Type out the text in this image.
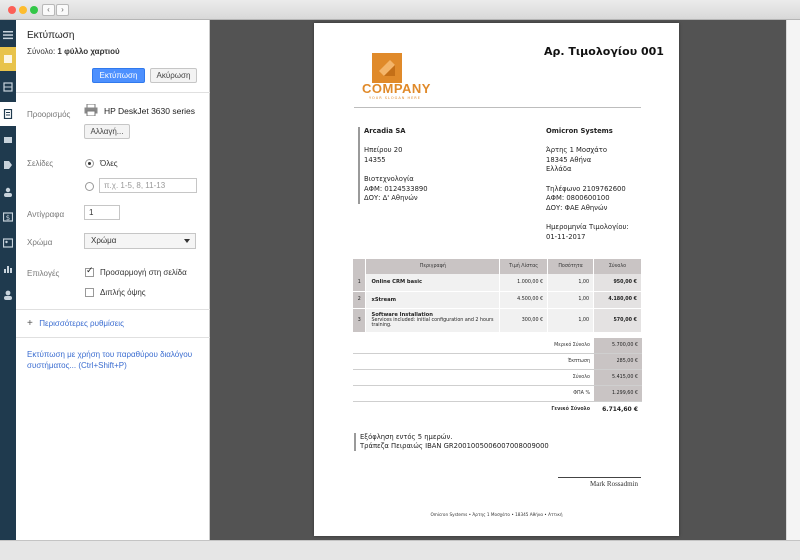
‹	›
$
Εκτύπωση
Σύνολο: 1 φύλλο χαρτιού
Εκτύπωση	Ακύρωση
Προορισμός	HP DeskJet 3630 series
Αλλαγή...
Σελίδες	Όλες
π.χ. 1-5, 8, 11-13
Αντίγραφα	1
Χρώμα	Χρώμα
Επιλογές ✓	Προσαρμογή στη σελίδα
Διπλής όψης
+ Περισσότερες ρυθμίσεις
Εκτύπωση με χρήση του παραθύρου διαλόγου συστήματος... (Ctrl+Shift+P)
Αρ. Τιμολογίου 001
COMPANY
YOUR SLOGAN HERE
Arcadia SA
Ηπείρου 20
14355
Βιοτεχνολογία
ΑΦΜ: 0124533890
ΔΟΥ: Δ' Αθηνών
Omicron Systems
Άρτης 1 Μοσχάτο
18345 Αθήνα
Ελλάδα
Τηλέφωνο 2109762600
ΑΦΜ: 0800600100
ΔΟΥ: ΦΑΕ Αθηνών
Ημερομηνία Τιμολογίου:
01-11-2017
	Περιγραφή	Τιμή Λίστας	Ποσότητα	Σύνολο
1	Online CRM basic	1.000,00 €	1,00	950,00 €
2	xStream	4.500,00 €	1,00	4.180,00 €
3	Software Installation
Services included: initial configuration and 2 hours training.	300,00 €	1,00	570,00 €
Μερικό Σύνολο	5.700,00 €
Έκπτωση	285,00 €
Σύνολο	5.415,00 €
ΦΠΑ %	1.299,60 €
Γενικό Σύνολο	6.714,60 €
Εξόφληση εντός 5 ημερών.
Τράπεζα Πειραιώς IBAN GR2001005006007008009000
Mark Rossadmin
Omicron Systems • Άρτης 1 Μοσχάτο • 18345 Αθήνα • Αττική
